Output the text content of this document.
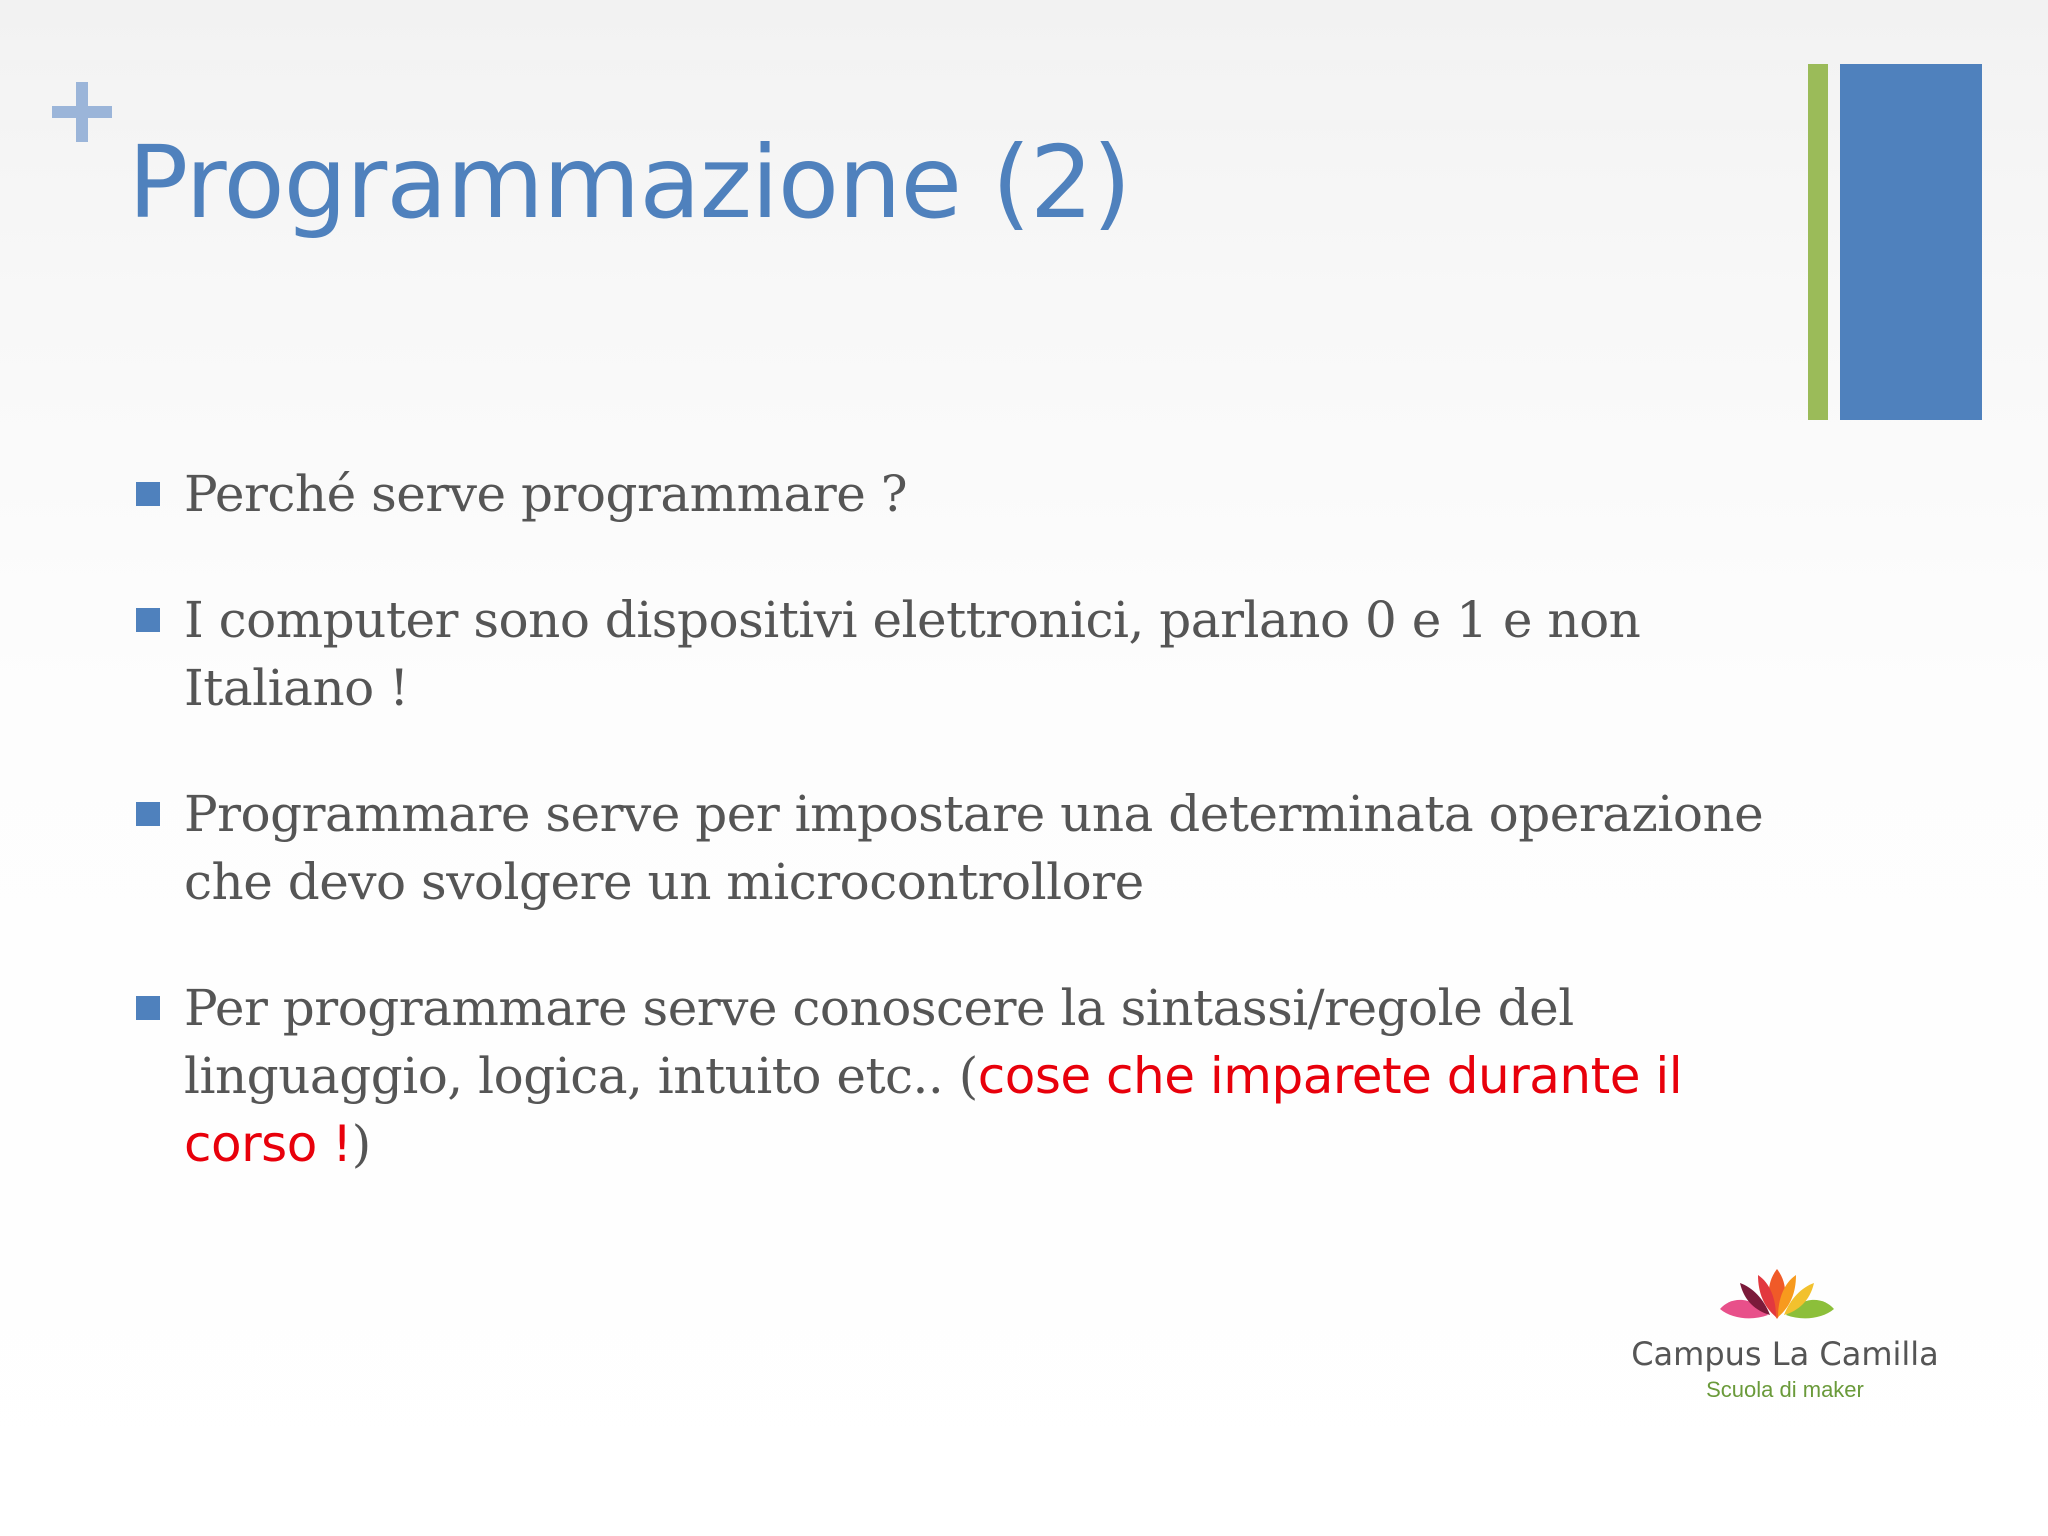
Programmazione (2)
Perché serve programmare ?
I computer sono dispositivi elettronici, parlano 0 e 1 e non Italiano !
Programmare serve per impostare una determinata operazione che devo svolgere un microcontrollore
Per programmare serve conoscere la sintassi/regole del linguaggio, logica, intuito etc.. (cose che imparete durante il corso !)
Campus La Camilla
Scuola di maker
